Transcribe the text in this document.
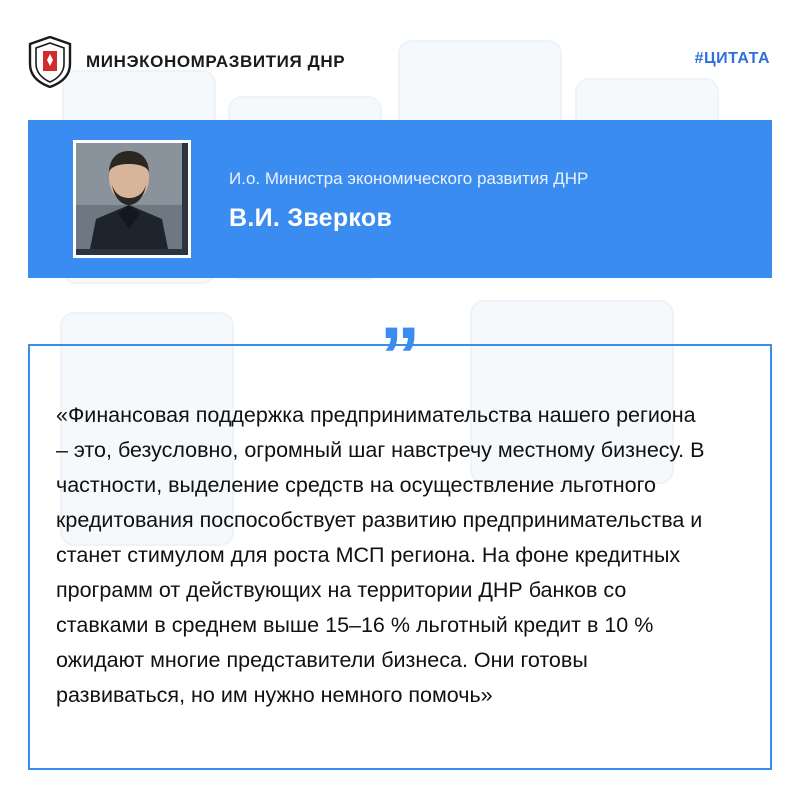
МИНЭКОНОМРАЗВИТИЯ ДНР	#ЦИТАТА
И.о. Министра экономического развития ДНР
В.И. Зверков
”
«Финансовая поддержка предпринимательства нашего региона – это, безусловно, огромный шаг навстречу местному бизнесу. В частности, выделение средств на осуществление льготного кредитования поспособствует развитию предпринимательства и станет стимулом для роста МСП региона. На фоне кредитных программ от действующих на территории ДНР банков со ставками в среднем выше 15–16 % льготный кредит в 10 % ожидают многие представители бизнеса. Они готовы развиваться, но им нужно немного помочь»
